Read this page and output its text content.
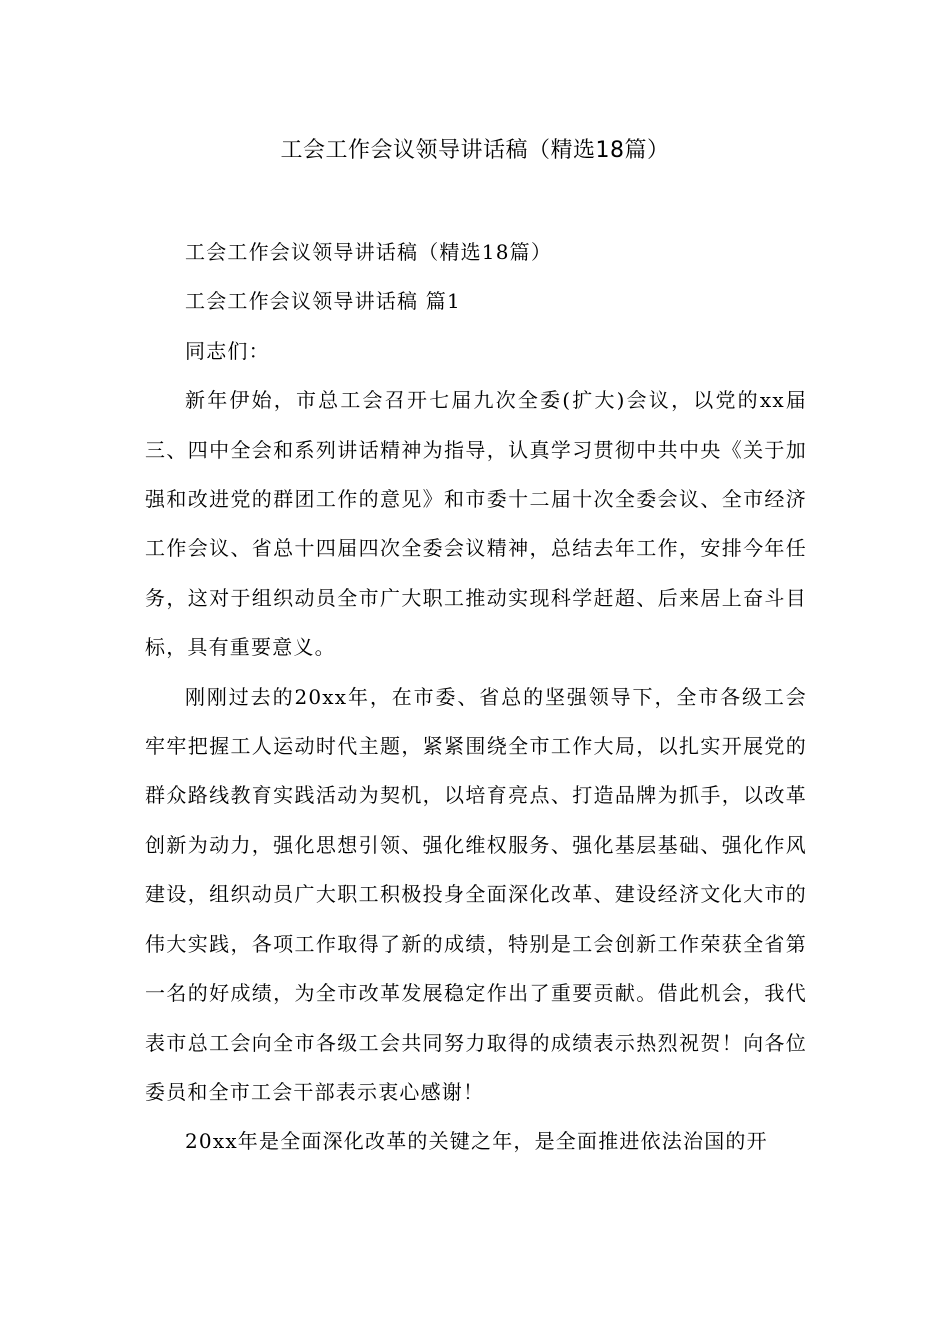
工会工作会议领导讲话稿（精选18篇）

工会工作会议领导讲话稿（精选18篇）

工会工作会议领导讲话稿 篇1

同志们：

新年伊始，市总工会召开七届九次全委(扩大)会议，以党的xx届三、四中全会和系列讲话精神为指导，认真学习贯彻中共中央《关于加强和改进党的群团工作的意见》和市委十二届十次全委会议、全市经济工作会议、省总十四届四次全委会议精神，总结去年工作，安排今年任务，这对于组织动员全市广大职工推动实现科学赶超、后来居上奋斗目标，具有重要意义。

刚刚过去的20xx年，在市委、省总的坚强领导下，全市各级工会牢牢把握工人运动时代主题，紧紧围绕全市工作大局，以扎实开展党的群众路线教育实践活动为契机，以培育亮点、打造品牌为抓手，以改革创新为动力，强化思想引领、强化维权服务、强化基层基础、强化作风建设，组织动员广大职工积极投身全面深化改革、建设经济文化大市的伟大实践，各项工作取得了新的成绩，特别是工会创新工作荣获全省第一名的好成绩，为全市改革发展稳定作出了重要贡献。借此机会，我代表市总工会向全市各级工会共同努力取得的成绩表示热烈祝贺！向各位委员和全市工会干部表示衷心感谢！

20xx年是全面深化改革的关键之年，是全面推进依法治国的开
